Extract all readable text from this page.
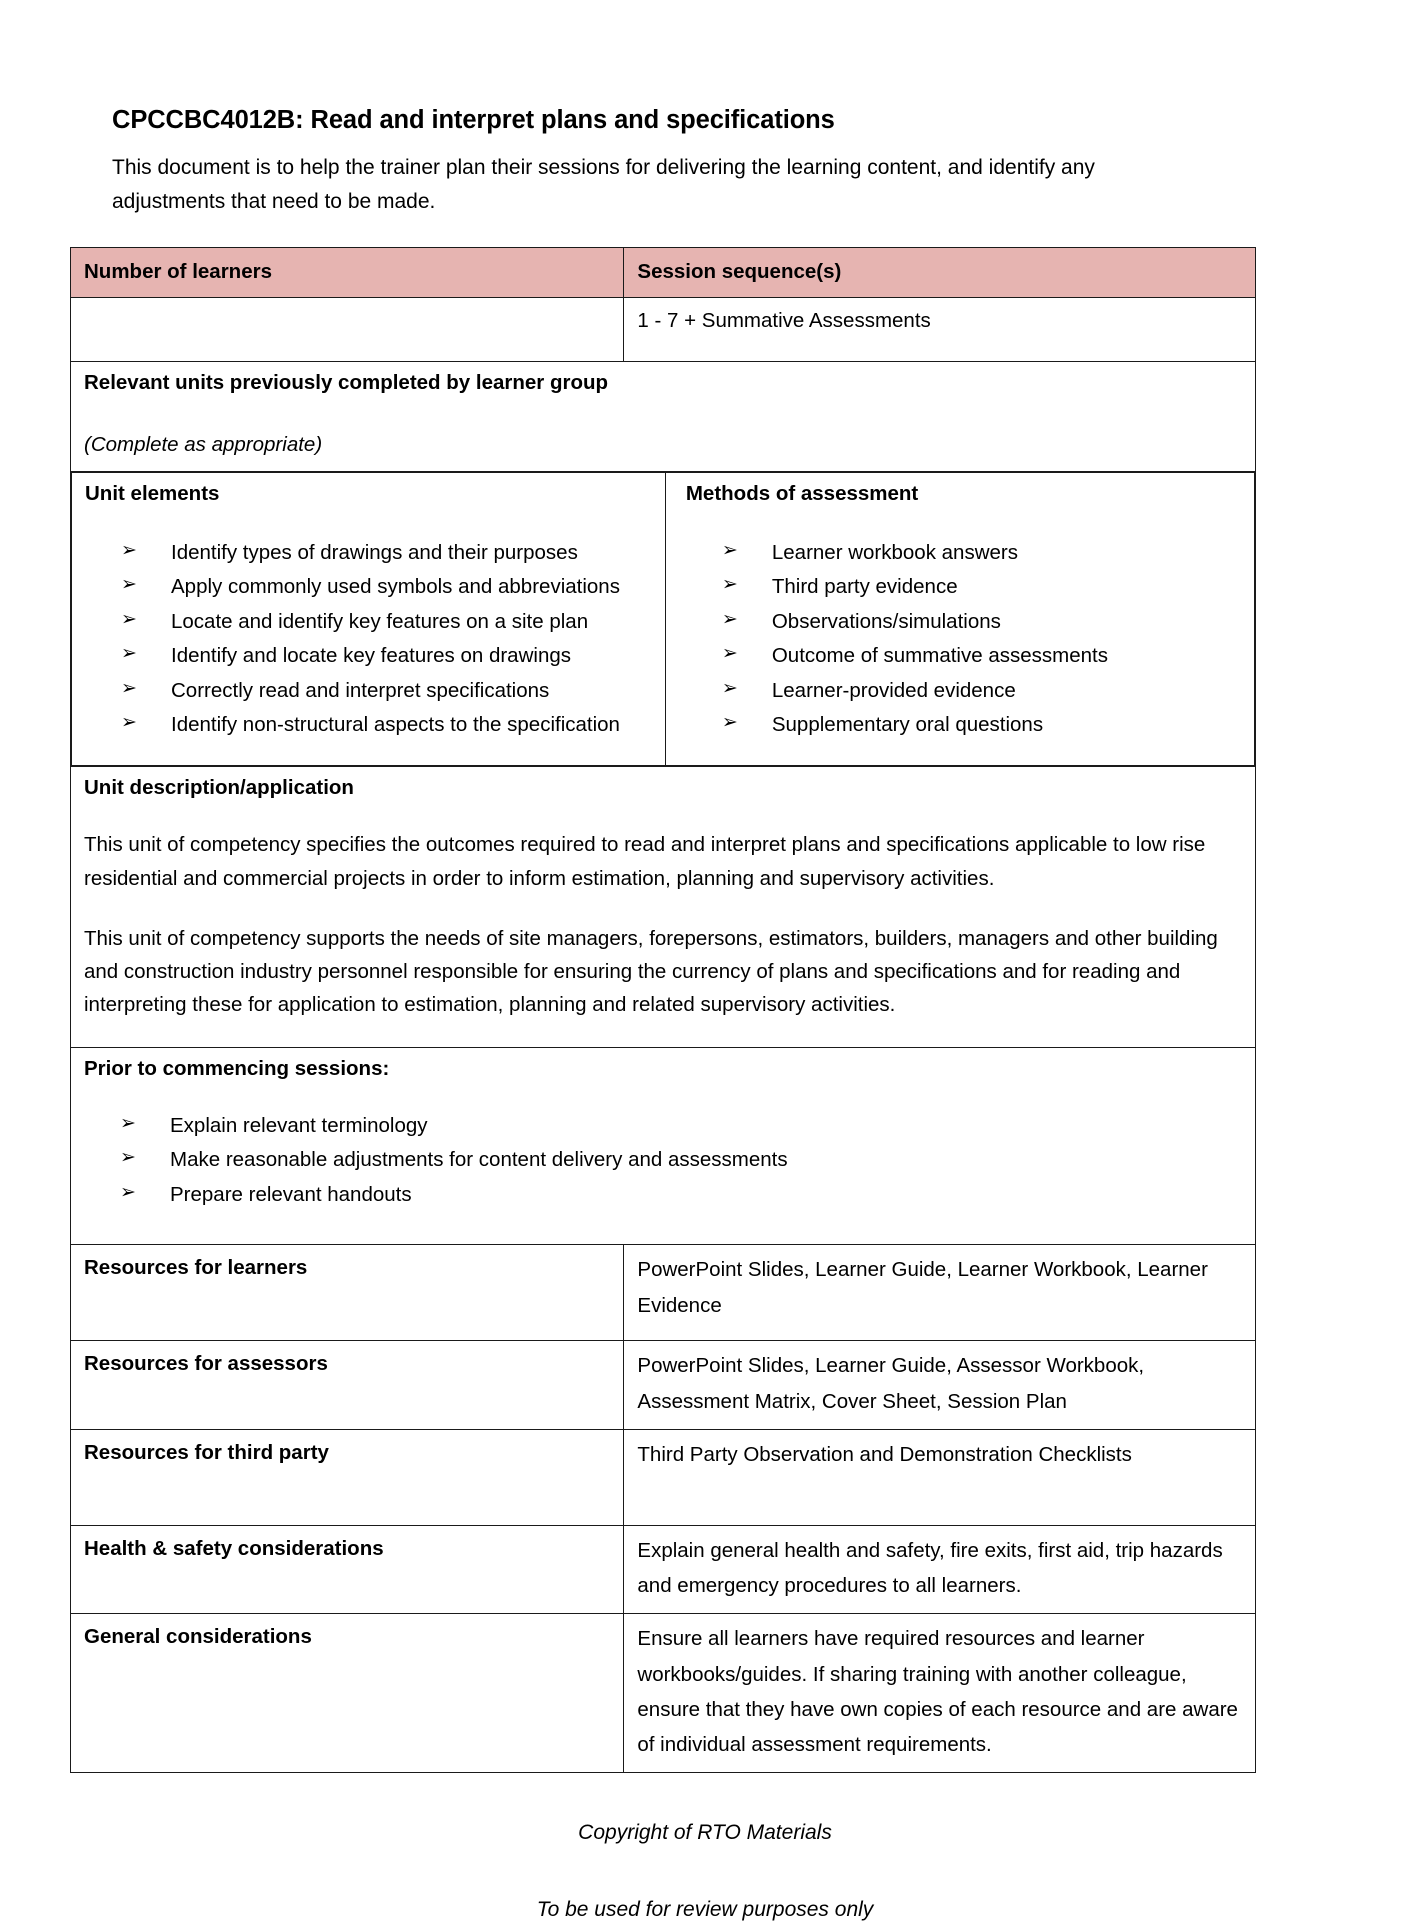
CPCCBC4012B: Read and interpret plans and specifications

This document is to help the trainer plan their sessions for delivering the learning content, and identify any adjustments that need to be made.

Number of learners	Session sequence(s)
	1 - 7 + Summative Assessments

Relevant units previously completed by learner group
(Complete as appropriate)

Unit elements
➢ Identify types of drawings and their purposes
➢ Apply commonly used symbols and abbreviations
➢ Locate and identify key features on a site plan
➢ Identify and locate key features on drawings
➢ Correctly read and interpret specifications
➢ Identify non-structural aspects to the specification

Methods of assessment
➢ Learner workbook answers
➢ Third party evidence
➢ Observations/simulations
➢ Outcome of summative assessments
➢ Learner-provided evidence
➢ Supplementary oral questions

Unit description/application

This unit of competency specifies the outcomes required to read and interpret plans and specifications applicable to low rise residential and commercial projects in order to inform estimation, planning and supervisory activities.

This unit of competency supports the needs of site managers, forepersons, estimators, builders, managers and other building and construction industry personnel responsible for ensuring the currency of plans and specifications and for reading and interpreting these for application to estimation, planning and related supervisory activities.

Prior to commencing sessions:
➢ Explain relevant terminology
➢ Make reasonable adjustments for content delivery and assessments
➢ Prepare relevant handouts

Resources for learners	PowerPoint Slides, Learner Guide, Learner Workbook, Learner Evidence
Resources for assessors	PowerPoint Slides, Learner Guide, Assessor Workbook, Assessment Matrix, Cover Sheet, Session Plan
Resources for third party	Third Party Observation and Demonstration Checklists
Health & safety considerations	Explain general health and safety, fire exits, first aid, trip hazards and emergency procedures to all learners.
General considerations	Ensure all learners have required resources and learner workbooks/guides. If sharing training with another colleague, ensure that they have own copies of each resource and are aware of individual assessment requirements.
Copyright of RTO Materials
To be used for review purposes only
